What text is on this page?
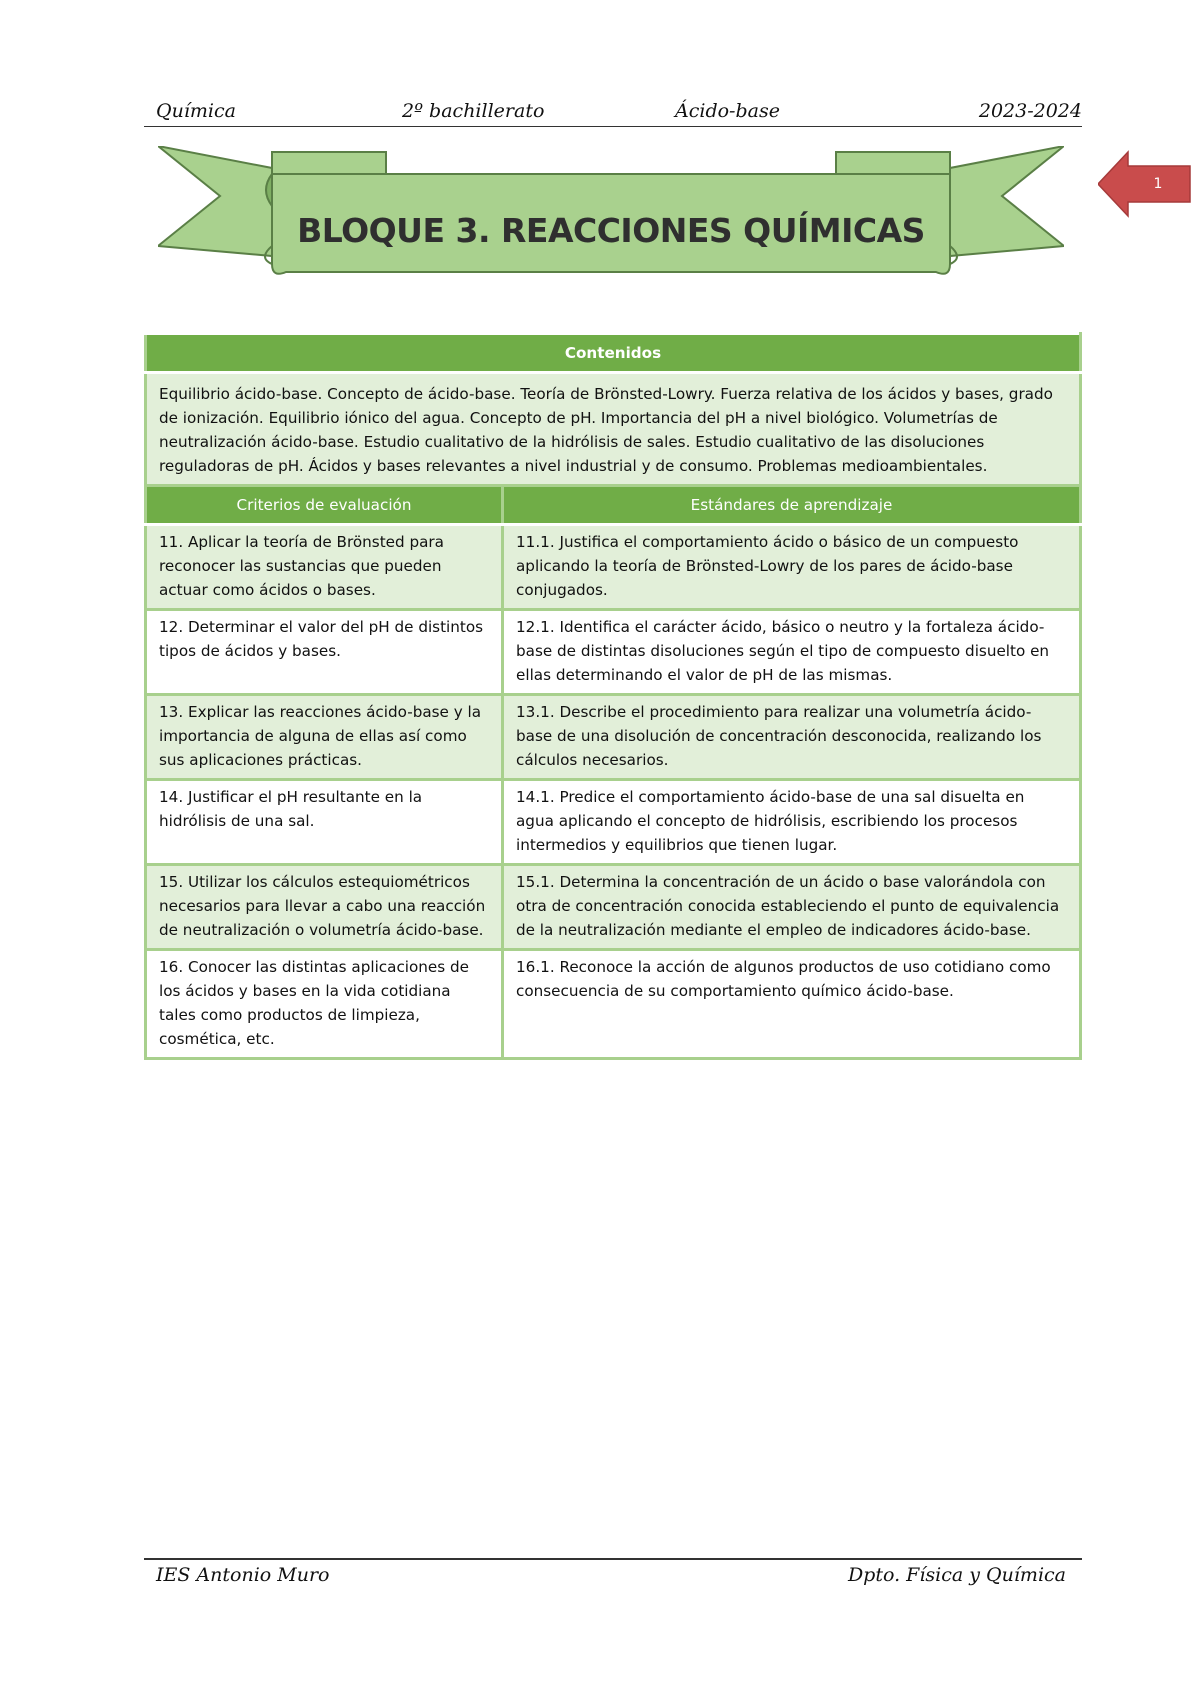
Química	2º bachillerato	Ácido-base	2023-2024
BLOQUE 3. REACCIONES QUÍMICAS
1
Contenidos	
Equilibrio ácido-base. Concepto de ácido-base. Teoría de Brönsted-Lowry. Fuerza relativa de los ácidos y bases, grado de ionización. Equilibrio iónico del agua. Concepto de pH. Importancia del pH a nivel biológico. Volumetrías de neutralización ácido-base. Estudio cualitativo de la hidrólisis de sales. Estudio cualitativo de las disoluciones reguladoras de pH. Ácidos y bases relevantes a nivel industrial y de consumo. Problemas medioambientales.	
Criterios de evaluación	Estándares de aprendizaje
11. Aplicar la teoría de Brönsted para reconocer las sustancias que pueden actuar como ácidos o bases.	11.1. Justifica el comportamiento ácido o básico de un compuesto aplicando la teoría de Brönsted-Lowry de los pares de ácido-base conjugados.
12. Determinar el valor del pH de distintos tipos de ácidos y bases.	12.1. Identifica el carácter ácido, básico o neutro y la fortaleza ácido-base de distintas disoluciones según el tipo de compuesto disuelto en ellas determinando el valor de pH de las mismas.
13. Explicar las reacciones ácido-base y la importancia de alguna de ellas así como sus aplicaciones prácticas.	13.1. Describe el procedimiento para realizar una volumetría ácido-base de una disolución de concentración desconocida, realizando los cálculos necesarios.
14. Justificar el pH resultante en la hidrólisis de una sal.	14.1. Predice el comportamiento ácido-base de una sal disuelta en agua aplicando el concepto de hidrólisis, escribiendo los procesos intermedios y equilibrios que tienen lugar.
15. Utilizar los cálculos estequiométricos necesarios para llevar a cabo una reacción de neutralización o volumetría ácido-base.	15.1. Determina la concentración de un ácido o base valorándola con otra de concentración conocida estableciendo el punto de equivalencia de la neutralización mediante el empleo de indicadores ácido-base.
16. Conocer las distintas aplicaciones de los ácidos y bases en la vida cotidiana tales como productos de limpieza, cosmética, etc.	16.1. Reconoce la acción de algunos productos de uso cotidiano como consecuencia de su comportamiento químico ácido-base.
IES Antonio Muro	Dpto. Física y Química
